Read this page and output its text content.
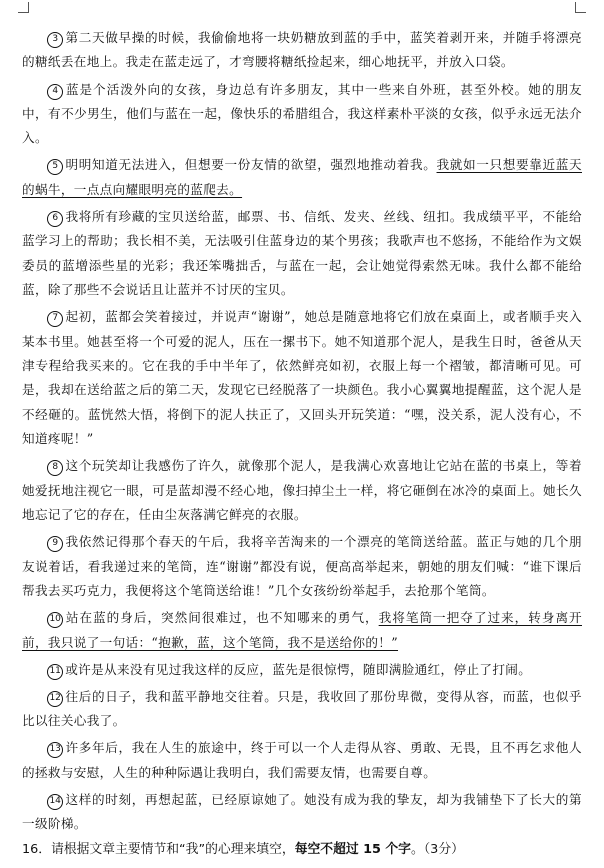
3 第二天做早操的时候，我偷偷地将一块奶糖放到蓝的手中，蓝笑着剥开来，并随手将漂亮的糖纸丢在地上。我走在蓝走远了，才弯腰将糖纸捡起来，细心地抚平，并放入口袋。

4 蓝是个活泼外向的女孩，身边总有许多朋友，其中一些来自外班，甚至外校。她的朋友中，有不少男生，他们与蓝在一起，像快乐的希腊组合，我这样素朴平淡的女孩，似乎永远无法介入。

5 明明知道无法进入，但想要一份友情的欲望，强烈地推动着我。我就如一只想要靠近蓝天的蜗牛，一点点向耀眼明亮的蓝爬去。

6 我将所有珍藏的宝贝送给蓝，邮票、书、信纸、发夹、丝线、纽扣。我成绩平平，不能给蓝学习上的帮助；我长相不美，无法吸引住蓝身边的某个男孩；我歌声也不悠扬，不能给作为文娱委员的蓝增添些星的光彩；我还笨嘴拙舌，与蓝在一起，会让她觉得索然无味。我什么都不能给蓝，除了那些不会说话且让蓝并不讨厌的宝贝。

7 起初，蓝都会笑着接过，并说声“谢谢”，她总是随意地将它们放在桌面上，或者顺手夹入某本书里。她甚至将一个可爱的泥人，压在一摞书下。她不知道那个泥人，是我生日时，爸爸从天津专程给我买来的。它在我的手中半年了，依然鲜亮如初，衣服上每一个褶皱，都清晰可见。可是，我却在送给蓝之后的第二天，发现它已经脱落了一块颜色。我小心翼翼地提醒蓝，这个泥人是不经砸的。蓝恍然大悟，将倒下的泥人扶正了，又回头开玩笑道：“嘿，没关系，泥人没有心，不知道疼呢！”

8 这个玩笑却让我感伤了许久，就像那个泥人，是我满心欢喜地让它站在蓝的书桌上，等着她爱抚地注视它一眼，可是蓝却漫不经心地，像扫掉尘土一样，将它砸倒在冰冷的桌面上。她长久地忘记了它的存在，任由尘灰落满它鲜亮的衣服。

9 我依然记得那个春天的午后，我将辛苦淘来的一个漂亮的笔筒送给蓝。蓝正与她的几个朋友说着话，看我递过来的笔筒，连“谢谢”都没有说，便高高举起来，朝她的朋友们喊：“谁下课后帮我去买巧克力，我便将这个笔筒送给谁！”几个女孩纷纷举起手，去抢那个笔筒。

10 站在蓝的身后，突然间很难过，也不知哪来的勇气，我将笔筒一把夺了过来，转身离开前，我只说了一句话：“抱歉，蓝，这个笔筒，我不是送给你的！”

11 或许是从来没有见过我这样的反应，蓝先是很惊愕，随即满脸通红，停止了打闹。

12 往后的日子，我和蓝平静地交往着。只是，我收回了那份卑微，变得从容，而蓝，也似乎比以往关心我了。

13 许多年后，我在人生的旅途中，终于可以一个人走得从容、勇敢、无畏，且不再乞求他人的拯救与安慰，人生的种种际遇让我明白，我们需要友情，也需要自尊。

14 这样的时刻，再想起蓝，已经原谅她了。她没有成为我的挚友，却为我铺垫下了长大的第一级阶梯。

16．请根据文章主要情节和“我”的心理来填空，每空不超过 15 个字。（3分）
